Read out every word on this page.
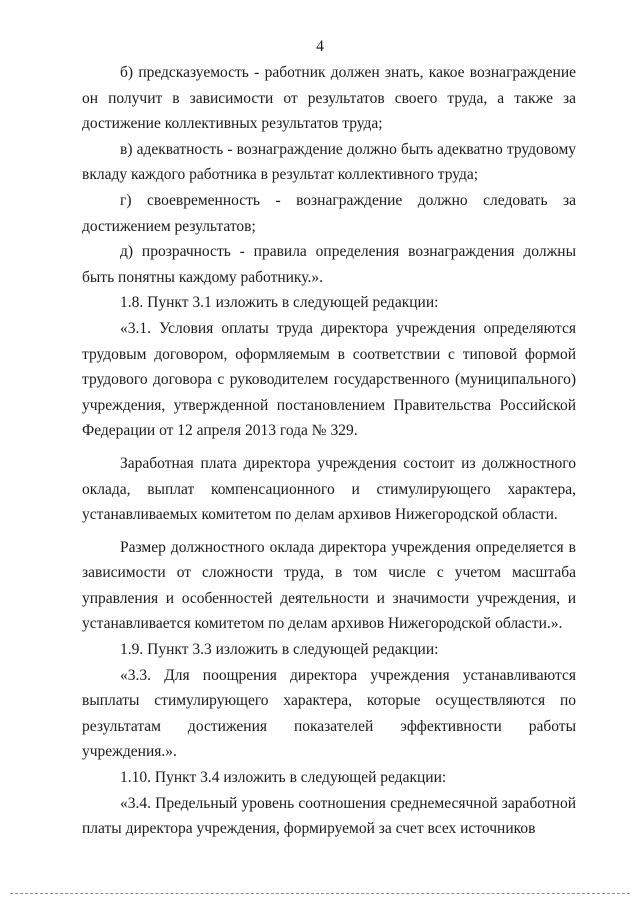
4

б) предсказуемость - работник должен знать, какое вознаграждение он получит в зависимости от результатов своего труда, а также за достижение коллективных результатов труда;

в) адекватность - вознаграждение должно быть адекватно трудовому вкладу каждого работника в результат коллективного труда;

г) своевременность - вознаграждение должно следовать за достижением результатов;

д) прозрачность - правила определения вознаграждения должны быть понятны каждому работнику.».

1.8. Пункт 3.1 изложить в следующей редакции:

«3.1. Условия оплаты труда директора учреждения определяются трудовым договором, оформляемым в соответствии с типовой формой трудового договора с руководителем государственного (муниципального) учреждения, утвержденной постановлением Правительства Российской Федерации от 12 апреля 2013 года № 329.

Заработная плата директора учреждения состоит из должностного оклада, выплат компенсационного и стимулирующего характера, устанавливаемых комитетом по делам архивов Нижегородской области.

Размер должностного оклада директора учреждения определяется в зависимости от сложности труда, в том числе с учетом масштаба управления и особенностей деятельности и значимости учреждения, и устанавливается комитетом по делам архивов Нижегородской области.».

1.9. Пункт 3.3 изложить в следующей редакции:

«3.3. Для поощрения директора учреждения устанавливаются выплаты стимулирующего характера, которые осуществляются по результатам достижения показателей эффективности работы учреждения.».

1.10. Пункт 3.4 изложить в следующей редакции:

«3.4. Предельный уровень соотношения среднемесячной заработной платы директора учреждения, формируемой за счет всех источников
